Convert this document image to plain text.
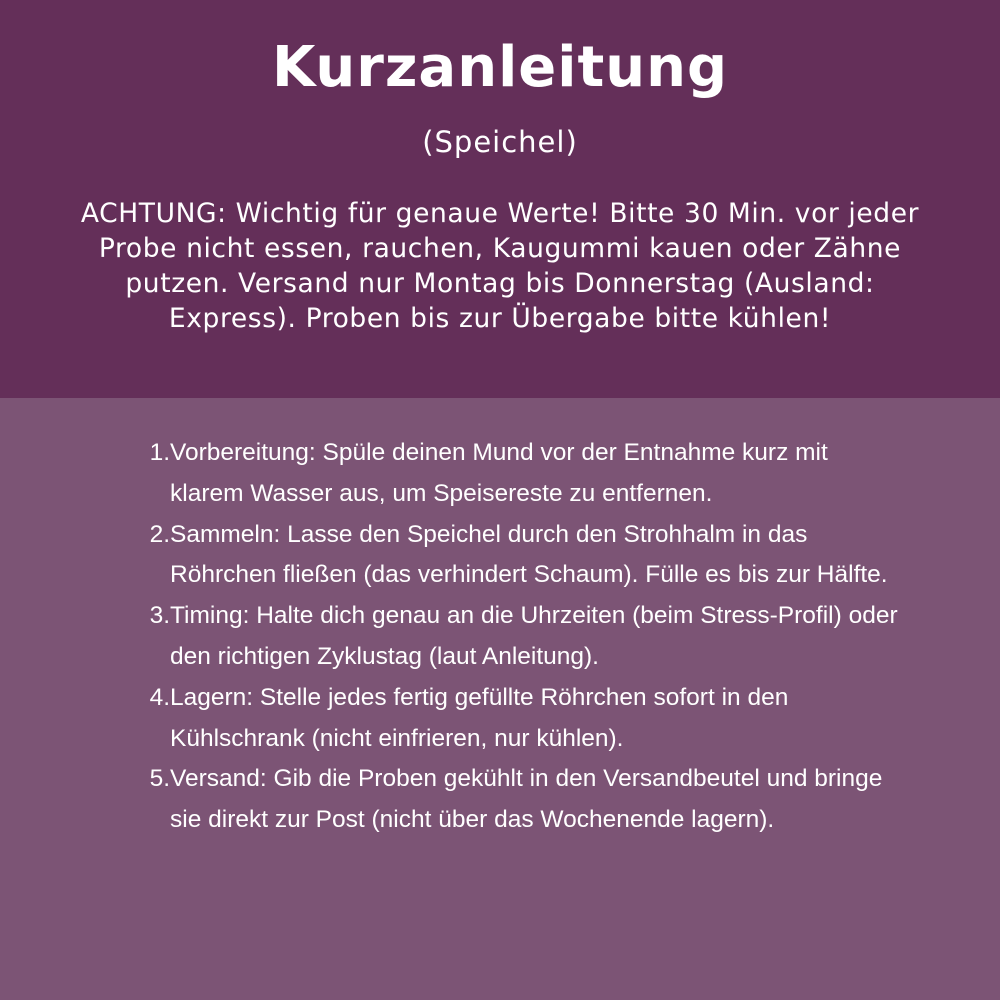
Kurzanleitung
(Speichel)
ACHTUNG: Wichtig für genaue Werte! Bitte 30 Min. vor jeder Probe nicht essen, rauchen, Kaugummi kauen oder Zähne putzen. Versand nur Montag bis Donnerstag (Ausland: Express). Proben bis zur Übergabe bitte kühlen!
1. Vorbereitung: Spüle deinen Mund vor der Entnahme kurz mit klarem Wasser aus, um Speisereste zu entfernen.
2. Sammeln: Lasse den Speichel durch den Strohhalm in das Röhrchen fließen (das verhindert Schaum). Fülle es bis zur Hälfte.
3. Timing: Halte dich genau an die Uhrzeiten (beim Stress-Profil) oder den richtigen Zyklustag (laut Anleitung).
4. Lagern: Stelle jedes fertig gefüllte Röhrchen sofort in den Kühlschrank (nicht einfrieren, nur kühlen).
5. Versand: Gib die Proben gekühlt in den Versandbeutel und bringe sie direkt zur Post (nicht über das Wochenende lagern).
